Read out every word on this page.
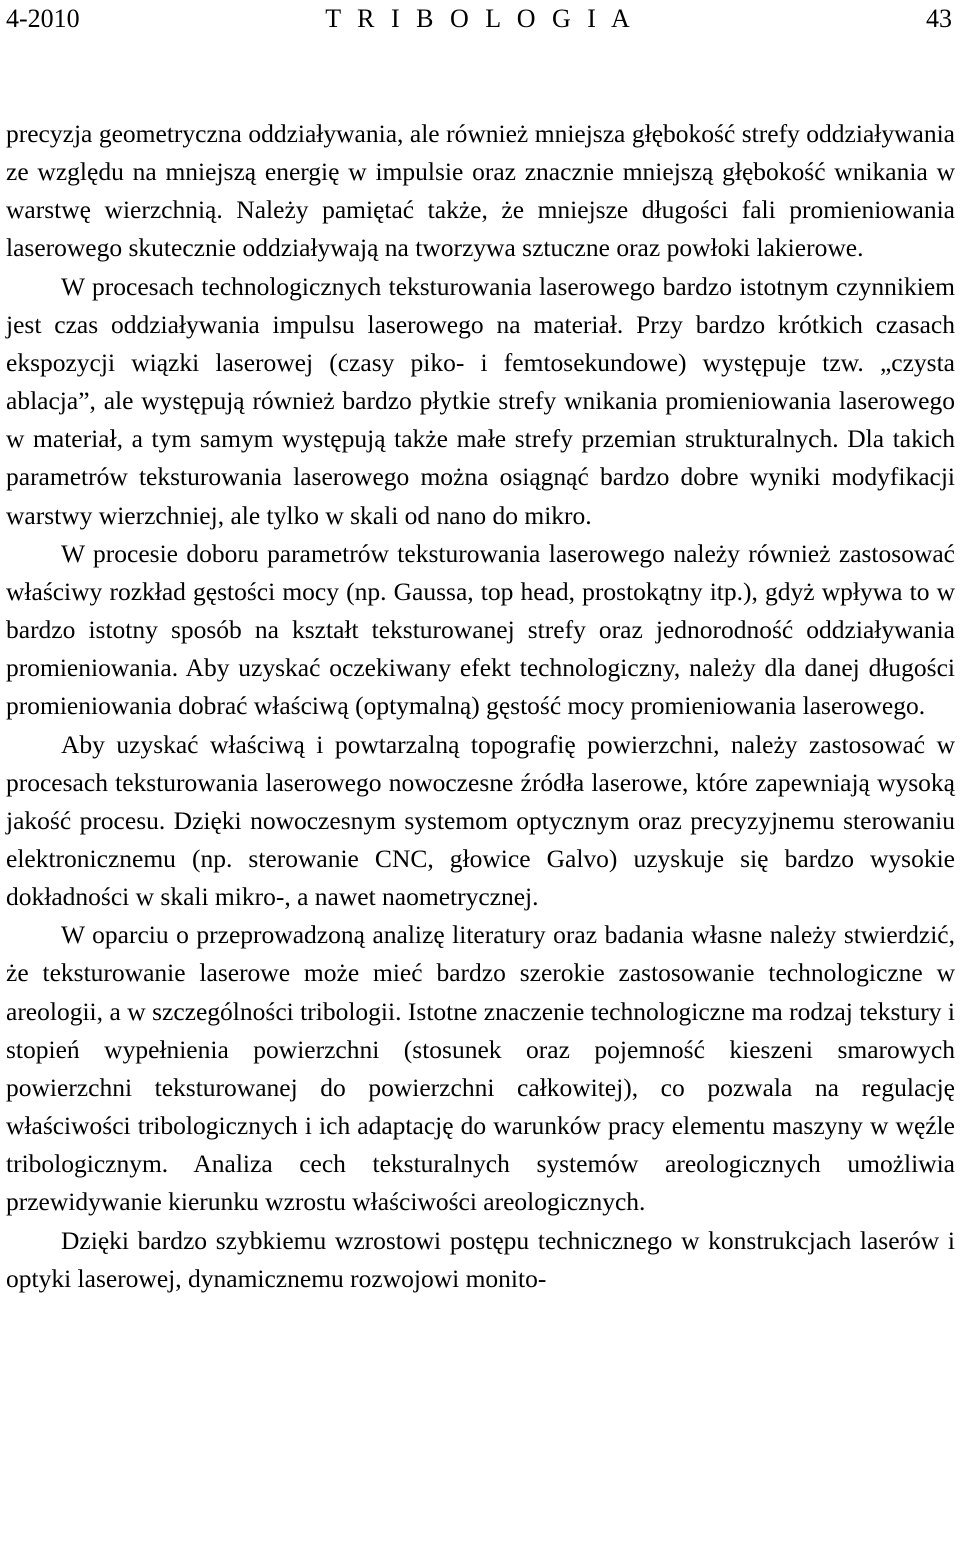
4-2010	T R I B O L O G I A	43

precyzja geometryczna oddziaływania, ale również mniejsza głębokość strefy oddziaływania ze względu na mniejszą energię w impulsie oraz znacznie mniejszą głębokość wnikania w warstwę wierzchnią. Należy pamiętać także, że mniejsze długości fali promieniowania laserowego skutecznie oddziaływają na tworzywa sztuczne oraz powłoki lakierowe.

W procesach technologicznych teksturowania laserowego bardzo istotnym czynnikiem jest czas oddziaływania impulsu laserowego na materiał. Przy bardzo krótkich czasach ekspozycji wiązki laserowej (czasy piko- i femtosekundowe) występuje tzw. „czysta ablacja”, ale występują również bardzo płytkie strefy wnikania promieniowania laserowego w materiał, a tym samym występują także małe strefy przemian strukturalnych. Dla takich parametrów teksturowania laserowego można osiągnąć bardzo dobre wyniki modyfikacji warstwy wierzchniej, ale tylko w skali od nano do mikro.

W procesie doboru parametrów teksturowania laserowego należy również zastosować właściwy rozkład gęstości mocy (np. Gaussa, top head, prostokątny itp.), gdyż wpływa to w bardzo istotny sposób na kształt teksturowanej strefy oraz jednorodność oddziaływania promieniowania. Aby uzyskać oczekiwany efekt technologiczny, należy dla danej długości promieniowania dobrać właściwą (optymalną) gęstość mocy promieniowania laserowego.

Aby uzyskać właściwą i powtarzalną topografię powierzchni, należy zastosować w procesach teksturowania laserowego nowoczesne źródła laserowe, które zapewniają wysoką jakość procesu. Dzięki nowoczesnym systemom optycznym oraz precyzyjnemu sterowaniu elektronicznemu (np. sterowanie CNC, głowice Galvo) uzyskuje się bardzo wysokie dokładności w skali mikro-, a nawet naometrycznej.

W oparciu o przeprowadzoną analizę literatury oraz badania własne należy stwierdzić, że teksturowanie laserowe może mieć bardzo szerokie zastosowanie technologiczne w areologii, a w szczególności tribologii. Istotne znaczenie technologiczne ma rodzaj tekstury i stopień wypełnienia powierzchni (stosunek oraz pojemność kieszeni smarowych powierzchni teksturowanej do powierzchni całkowitej), co pozwala na regulację właściwości tribologicznych i ich adaptację do warunków pracy elementu maszyny w węźle tribologicznym. Analiza cech teksturalnych systemów areologicznych umożliwia przewidywanie kierunku wzrostu właściwości areologicznych.

Dzięki bardzo szybkiemu wzrostowi postępu technicznego w konstrukcjach laserów i optyki laserowej, dynamicznemu rozwojowi monito-
